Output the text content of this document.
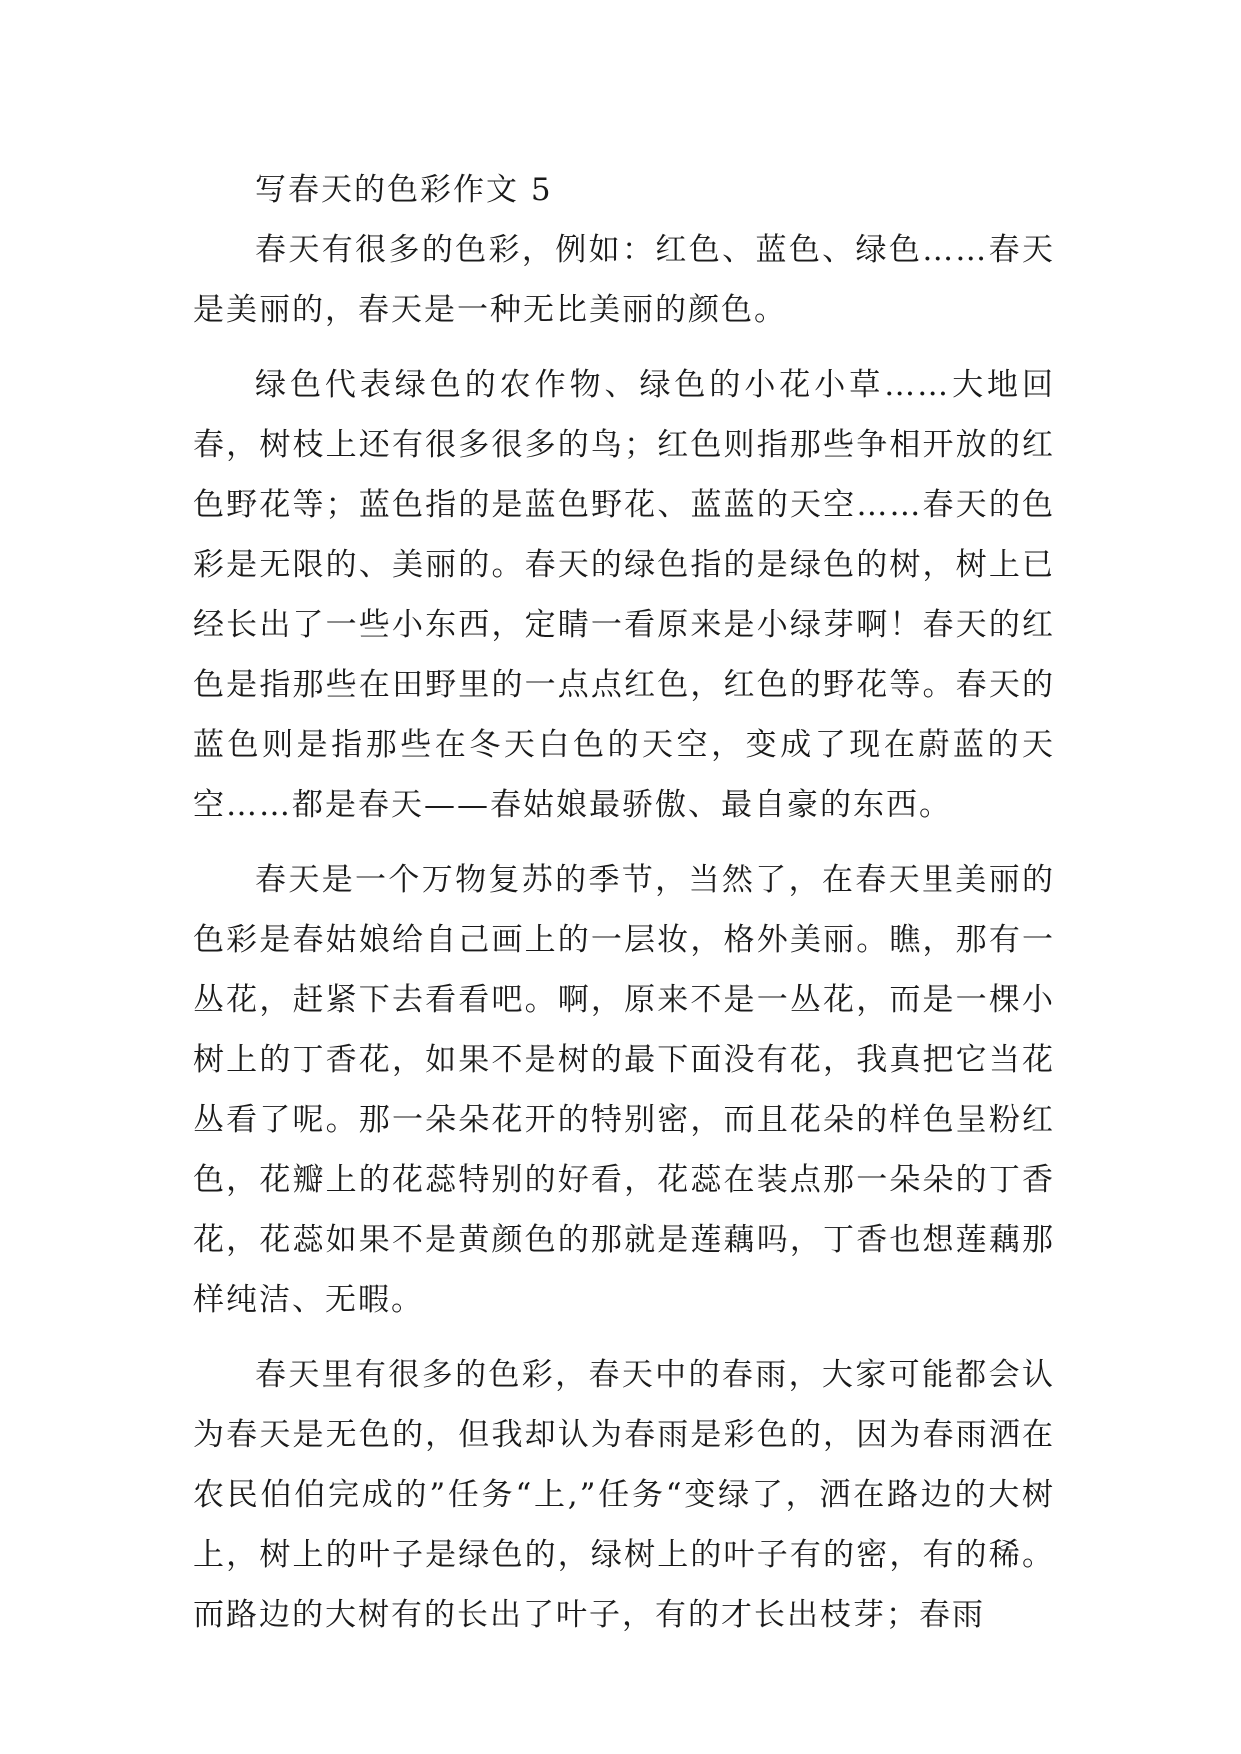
写春天的色彩作文 5

春天有很多的色彩，例如：红色、蓝色、绿色……春天是美丽的，春天是一种无比美丽的颜色。

绿色代表绿色的农作物、绿色的小花小草……大地回春，树枝上还有很多很多的鸟；红色则指那些争相开放的红色野花等；蓝色指的是蓝色野花、蓝蓝的天空……春天的色彩是无限的、美丽的。春天的绿色指的是绿色的树，树上已经长出了一些小东西，定睛一看原来是小绿芽啊！春天的红色是指那些在田野里的一点点红色，红色的野花等。春天的蓝色则是指那些在冬天白色的天空，变成了现在蔚蓝的天空……都是春天——春姑娘最骄傲、最自豪的东西。

春天是一个万物复苏的季节，当然了，在春天里美丽的色彩是春姑娘给自己画上的一层妆，格外美丽。瞧，那有一丛花，赶紧下去看看吧。啊，原来不是一丛花，而是一棵小树上的丁香花，如果不是树的最下面没有花，我真把它当花丛看了呢。那一朵朵花开的特别密，而且花朵的样色呈粉红色，花瓣上的花蕊特别的好看，花蕊在装点那一朵朵的丁香花，花蕊如果不是黄颜色的那就是莲藕吗，丁香也想莲藕那样纯洁、无暇。

春天里有很多的色彩，春天中的春雨，大家可能都会认为春天是无色的，但我却认为春雨是彩色的，因为春雨洒在农民伯伯完成的”任务“上,”任务“变绿了，洒在路边的大树上，树上的叶子是绿色的，绿树上的叶子有的密，有的稀。而路边的大树有的长出了叶子，有的才长出枝芽；春雨
